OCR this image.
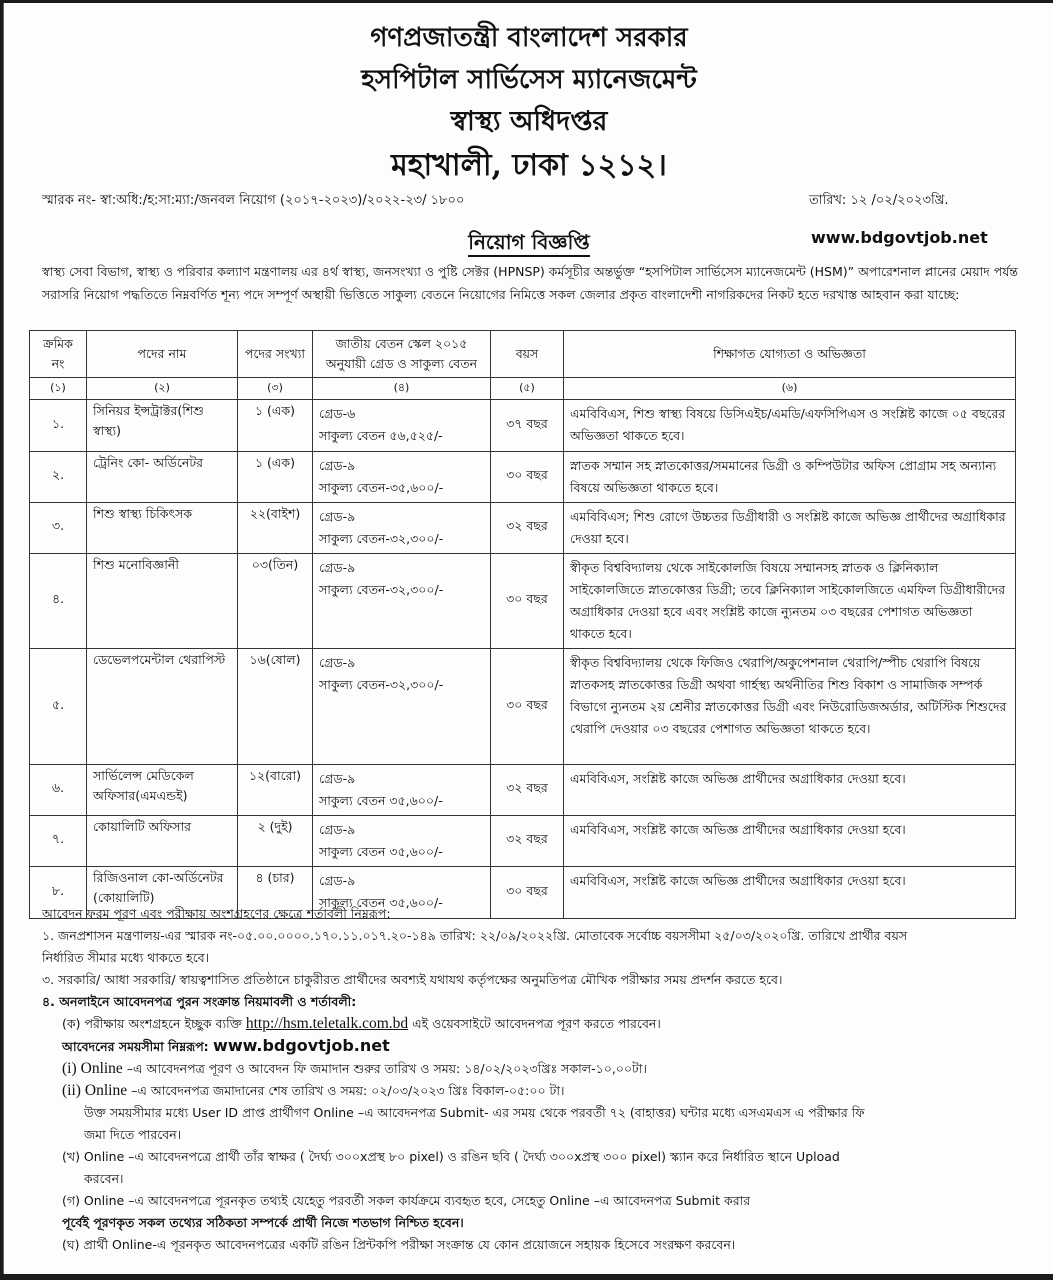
গণপ্রজাতন্ত্রী বাংলাদেশ সরকার
হসপিটাল সার্ভিসেস ম্যানেজমেন্ট
স্বাস্থ্য অধিদপ্তর
মহাখালী, ঢাকা ১২১২।
স্মারক নং- স্বা:অধি:/হ:সা:ম্যা:/জনবল নিয়োগ (২০১৭-২০২৩)/২০২২-২৩/ ১৮০০	তারিখ: ১২ /০২/২০২৩খ্রি.
নিয়োগ বিজ্ঞপ্তি	www.bdgovtjob.net
স্বাস্থ্য সেবা বিভাগ, স্বাস্থ্য ও পরিবার কল্যাণ মন্ত্রণালয় এর ৪র্থ স্বাস্থ্য, জনসংখ্যা ও পুষ্টি সেক্টর (HPNSP) কর্মসূচীর অন্তর্ভুক্ত “হসপিটাল সার্ভিসেস ম্যানেজমেন্ট (HSM)” অপারেশনাল প্লানের মেয়াদ পর্যন্ত সরাসরি নিয়োগ পদ্ধতিতে নিম্নবর্ণিত শূন্য পদে সম্পূর্ণ অস্থায়ী ভিত্তিতে সাকুল্য বেতনে নিয়োগের নিমিত্তে সকল জেলার প্রকৃত বাংলাদেশী নাগরিকদের নিকট হতে দরখাস্ত আহবান করা যাচ্ছে:
ক্রমিক নং	পদের নাম	পদের সংখ্যা	জাতীয় বেতন স্কেল ২০১৫ অনুযায়ী গ্রেড ও সাকুল্য বেতন	বয়স	শিক্ষাগত যোগ্যতা ও অভিজ্ঞতা
(১)	(২)	(৩)	(৪)	(৫)	(৬)
১.	সিনিয়র ইন্সট্রাক্টর(শিশু স্বাস্থ্য)	১ (এক)	গ্রেড-৬
সাকুল্য বেতন ৫৬,৫২৫/-	৩৭ বছর	এমবিবিএস, শিশু স্বাস্থ্য বিষয়ে ডিসিএইচ/এমডি/এফসিপিএস ও সংশ্লিষ্ট কাজে ০৫ বছরের অভিজ্ঞতা থাকতে হবে।
২.	ট্রেনিং কো- অর্ডিনেটর	১ (এক)	গ্রেড-৯
সাকুল্য বেতন-৩৫,৬০০/-	৩০ বছর	স্নাতক সম্মান সহ স্নাতকোত্তর/সমমানের ডিগ্রী ও কম্পিউটার অফিস প্রোগ্রাম সহ অন্যান্য বিষয়ে অভিজ্ঞতা থাকতে হবে।
৩.	শিশু স্বাস্থ্য চিকিৎসক	২২(বাইশ)	গ্রেড-৯
সাকুল্য বেতন-৩২,৩০০/-	৩২ বছর	এমবিবিএস; শিশু রোগে উচ্চতর ডিগ্রীধারী ও সংশ্লিষ্ট কাজে অভিজ্ঞ প্রার্থীদের অগ্রাধিকার দেওয়া হবে।
৪.	শিশু মনোবিজ্ঞানী	০৩(তিন)	গ্রেড-৯
সাকুল্য বেতন-৩২,৩০০/-	৩০ বছর	স্বীকৃত বিশ্ববিদ্যালয় থেকে সাইকোলজি বিষয়ে সম্মানসহ স্নাতক ও ক্লিনিক্যাল সাইকোলজিতে স্নাতকোত্তর ডিগ্রী; তবে ক্লিনিক্যাল সাইকোলজিতে এমফিল ডিগ্রীধারীদের অগ্রাধিকার দেওয়া হবে এবং সংশ্লিষ্ট কাজে ন্যুনতম ০৩ বছরের পেশাগত অভিজ্ঞতা থাকতে হবে।
৫.	ডেভেলপমেন্টাল থেরাপিস্ট	১৬(ষোল)	গ্রেড-৯
সাকুল্য বেতন-৩২,৩০০/-	৩০ বছর	স্বীকৃত বিশ্ববিদ্যালয় থেকে ফিজিও থেরাপি/অকুপেশনাল থেরাপি/স্পীচ থেরাপি বিষয়ে স্নাতকসহ স্নাতকোত্তর ডিগ্রী অথবা গার্হস্থ্য অর্থনীতির শিশু বিকাশ ও সামাজিক সম্পর্ক বিভাগে ন্যুনতম ২য় শ্রেনীর স্নাতকোত্তর ডিগ্রী এবং নিউরোডিজঅর্ডার, অটিস্টিক শিশুদের থেরাপি দেওয়ার ০৩ বছরের পেশাগত অভিজ্ঞতা থাকতে হবে।
৬.	সার্ভিলেন্স মেডিকেল অফিসার(এমএন্ডই)	১২(বারো)	গ্রেড-৯
সাকুল্য বেতন ৩৫,৬০০/-	৩২ বছর	এমবিবিএস, সংশ্লিষ্ট কাজে অভিজ্ঞ প্রার্থীদের অগ্রাধিকার দেওয়া হবে।
৭.	কোয়ালিটি অফিসার	২ (দুই)	গ্রেড-৯
সাকুল্য বেতন ৩৫,৬০০/-	৩২ বছর	এমবিবিএস, সংশ্লিষ্ট কাজে অভিজ্ঞ প্রার্থীদের অগ্রাধিকার দেওয়া হবে।
৮.	রিজিওনাল কো-অর্ডিনেটর (কোয়ালিটি)	৪ (চার)	গ্রেড-৯
সাকুল্য বেতন ৩৫,৬০০/-	৩০ বছর	এমবিবিএস, সংশ্লিষ্ট কাজে অভিজ্ঞ প্রার্থীদের অগ্রাধিকার দেওয়া হবে।
আবেদন ফরম পূরণ এবং পরীক্ষায় অংশগ্রহণের ক্ষেত্রে শর্তাবলী নিম্নরূপ:
১. জনপ্রশাসন মন্ত্রণালয়-এর স্মারক নং-০৫.০০.০০০০.১৭০.১১.০১৭.২০-১৪৯ তারিখ: ২২/০৯/২০২২খ্রি. মোতাবেক সর্বোচ্চ বয়সসীমা ২৫/০৩/২০২০খ্রি. তারিখে প্রার্থীর বয়স
নির্ধারিত সীমার মধ্যে থাকতে হবে।
৩. সরকারি/ আধা সরকারি/ স্বায়ত্বশাসিত প্রতিষ্ঠানে চাকুরীরত প্রার্থীদের অবশ্যই যথাযথ কর্তৃপক্ষের অনুমতিপত্র মৌখিক পরীক্ষার সময় প্রদর্শন করতে হবে।
৪. অনলাইনে আবেদনপত্র পুরন সংক্রান্ত নিয়মাবলী ও শর্তাবলী:
(ক) পরীক্ষায় অংশগ্রহনে ইচ্ছুক ব্যক্তি http://hsm.teletalk.com.bd এই ওয়েবসাইটে আবেদনপত্র পূরণ করতে পারবেন।
আবেদনের সময়সীমা নিম্নরূপ: www.bdgovtjob.net
(i) Online –এ আবেদনপত্র পূরণ ও আবেদন ফি জমাদান শুরুর তারিখ ও সময়: ১৪/০২/২০২৩খ্রিঃ সকাল-১০,০০টা।
(ii) Online –এ আবেদনপত্র জমাদানের শেষ তারিখ ও সময়: ০২/০৩/২০২৩ খ্রিঃ বিকাল-০৫:০০ টা।
উক্ত সময়সীমার মধ্যে User ID প্রাপ্ত প্রার্থীগণ Online –এ আবেদনপত্র Submit- এর সময় থেকে পরবর্তী ৭২ (বাহাত্তর) ঘন্টার মধ্যে এসএমএস এ পরীক্ষার ফি
জমা দিতে পারবেন।
(খ) Online –এ আবেদনপত্রে প্রার্থী তাঁর স্বাক্ষর ( দৈর্ঘ্য ৩০০xপ্রস্থ ৮০ pixel) ও রঙিন ছবি ( দৈর্ঘ্য ৩০০xপ্রস্থ ৩০০ pixel) স্ক্যান করে নির্ধারিত স্থানে Upload
করবেন।
(গ) Online –এ আবেদনপত্রে পূরনকৃত তথ্যই যেহেতু পরবর্তী সকল কার্যক্রমে ব্যবহৃত হবে, সেহেতু Online –এ আবেদনপত্র Submit করার
পূর্বেই পূরণকৃত সকল তথ্যের সঠিকতা সম্পর্কে প্রার্থী নিজে শতভাগ নিশ্চিত হবেন।
(ঘ) প্রার্থী Online-এ পূরনকৃত আবেদনপত্রের একটি রঙিন প্রিন্টকপি পরীক্ষা সংক্রান্ত যে কোন প্রয়োজনে সহায়ক হিসেবে সংরক্ষণ করবেন।
